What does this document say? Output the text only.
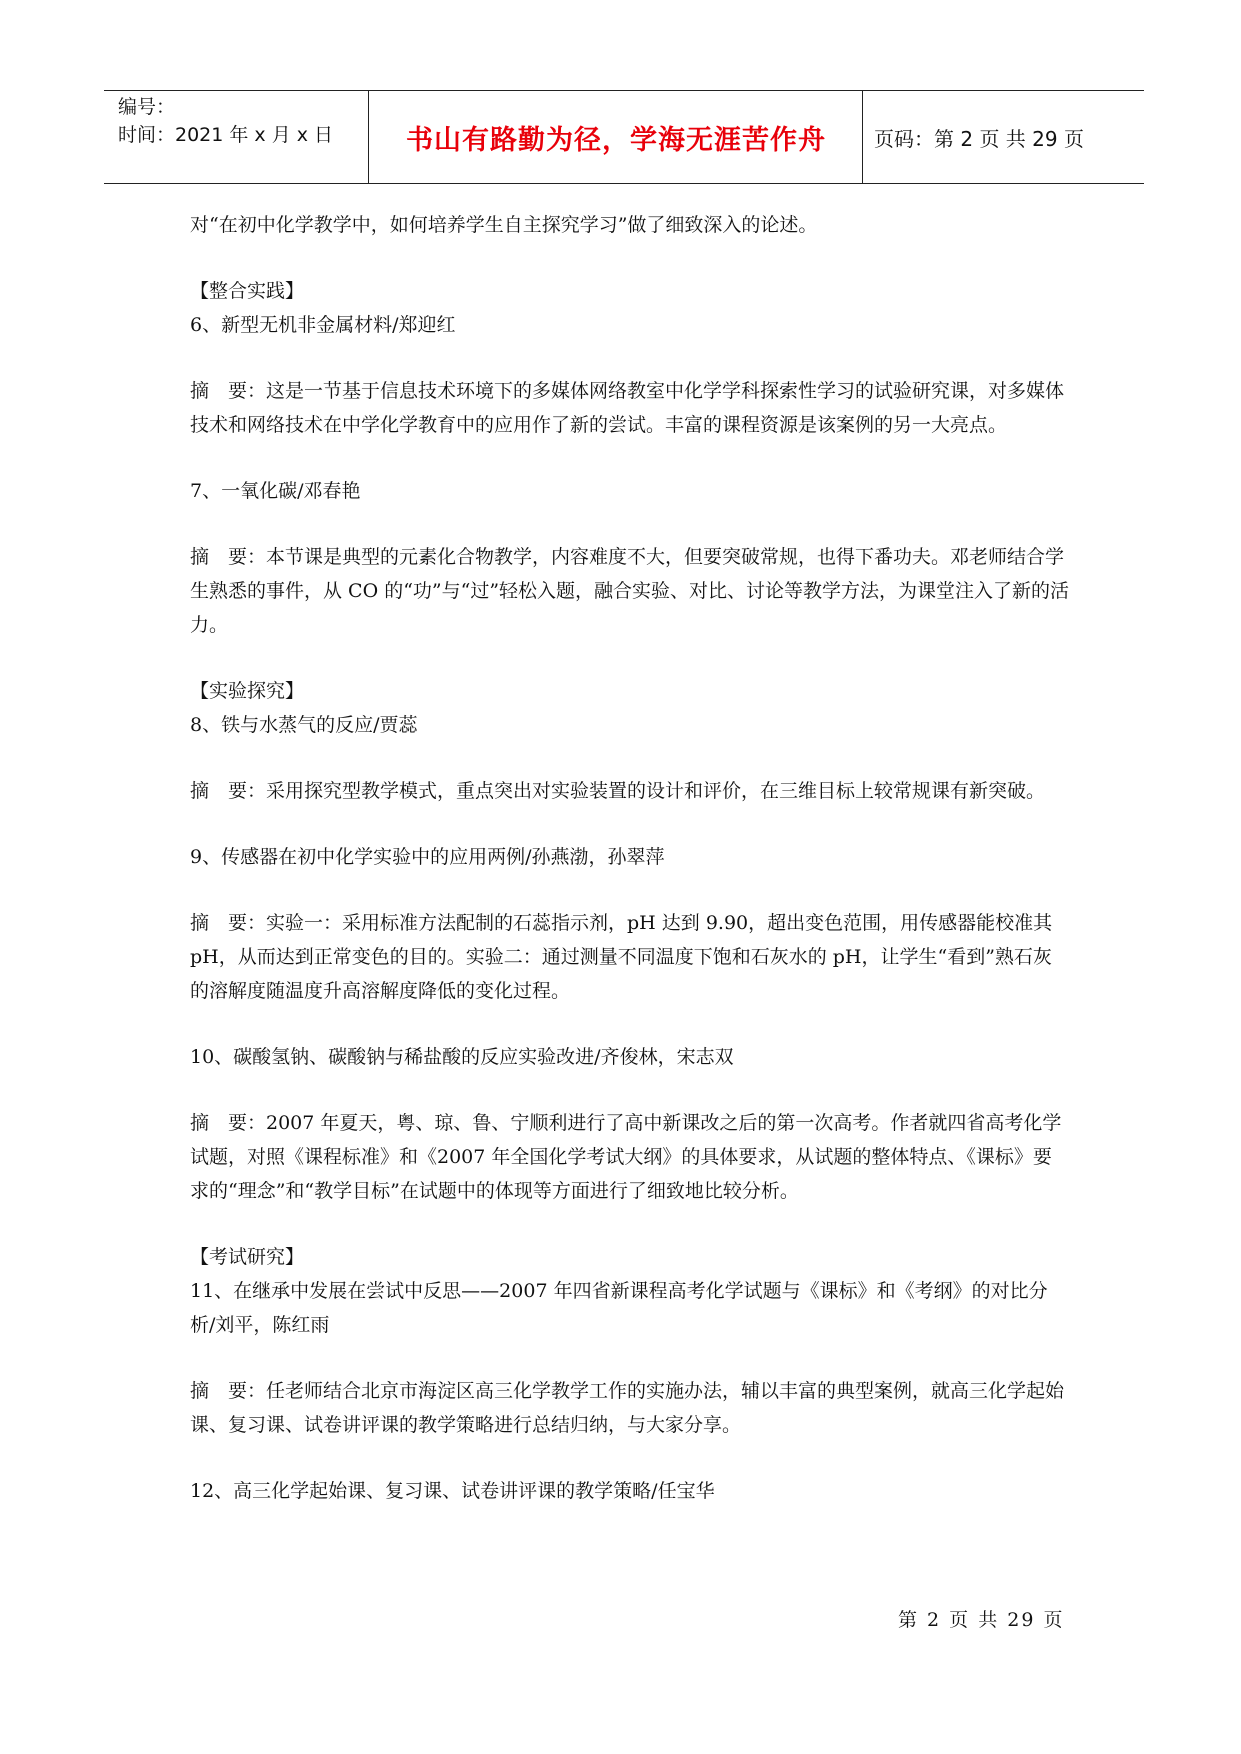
编号：
时间：2021 年 x 月 x 日	书山有路勤为径，学海无涯苦作舟	页码：第 2 页 共 29 页

对“在初中化学教学中，如何培养学生自主探究学习”做了细致深入的论述。

【整合实践】

6、新型无机非金属材料/郑迎红

摘　要：这是一节基于信息技术环境下的多媒体网络教室中化学学科探索性学习的试验研究课，对多媒体技术和网络技术在中学化学教育中的应用作了新的尝试。丰富的课程资源是该案例的另一大亮点。

7、一氧化碳/邓春艳

摘　要：本节课是典型的元素化合物教学，内容难度不大，但要突破常规，也得下番功夫。邓老师结合学生熟悉的事件，从 CO 的“功”与“过”轻松入题，融合实验、对比、讨论等教学方法，为课堂注入了新的活力。

【实验探究】

8、铁与水蒸气的反应/贾蕊

摘　要：采用探究型教学模式，重点突出对实验装置的设计和评价，在三维目标上较常规课有新突破。

9、传感器在初中化学实验中的应用两例/孙燕渤，孙翠萍

摘　要：实验一：采用标准方法配制的石蕊指示剂，pH 达到 9.90，超出变色范围，用传感器能校准其 pH，从而达到正常变色的目的。实验二：通过测量不同温度下饱和石灰水的 pH，让学生“看到”熟石灰的溶解度随温度升高溶解度降低的变化过程。

10、碳酸氢钠、碳酸钠与稀盐酸的反应实验改进/齐俊林，宋志双

摘　要：2007 年夏天，粤、琼、鲁、宁顺利进行了高中新课改之后的第一次高考。作者就四省高考化学试题，对照《课程标准》和《2007 年全国化学考试大纲》的具体要求，从试题的整体特点、《课标》要求的“理念”和“教学目标”在试题中的体现等方面进行了细致地比较分析。

【考试研究】

11、在继承中发展在尝试中反思——2007 年四省新课程高考化学试题与《课标》和《考纲》的对比分析/刘平，陈红雨

摘　要：任老师结合北京市海淀区高三化学教学工作的实施办法，辅以丰富的典型案例，就高三化学起始课、复习课、试卷讲评课的教学策略进行总结归纳，与大家分享。

12、高三化学起始课、复习课、试卷讲评课的教学策略/任宝华

第 2 页 共 29 页
